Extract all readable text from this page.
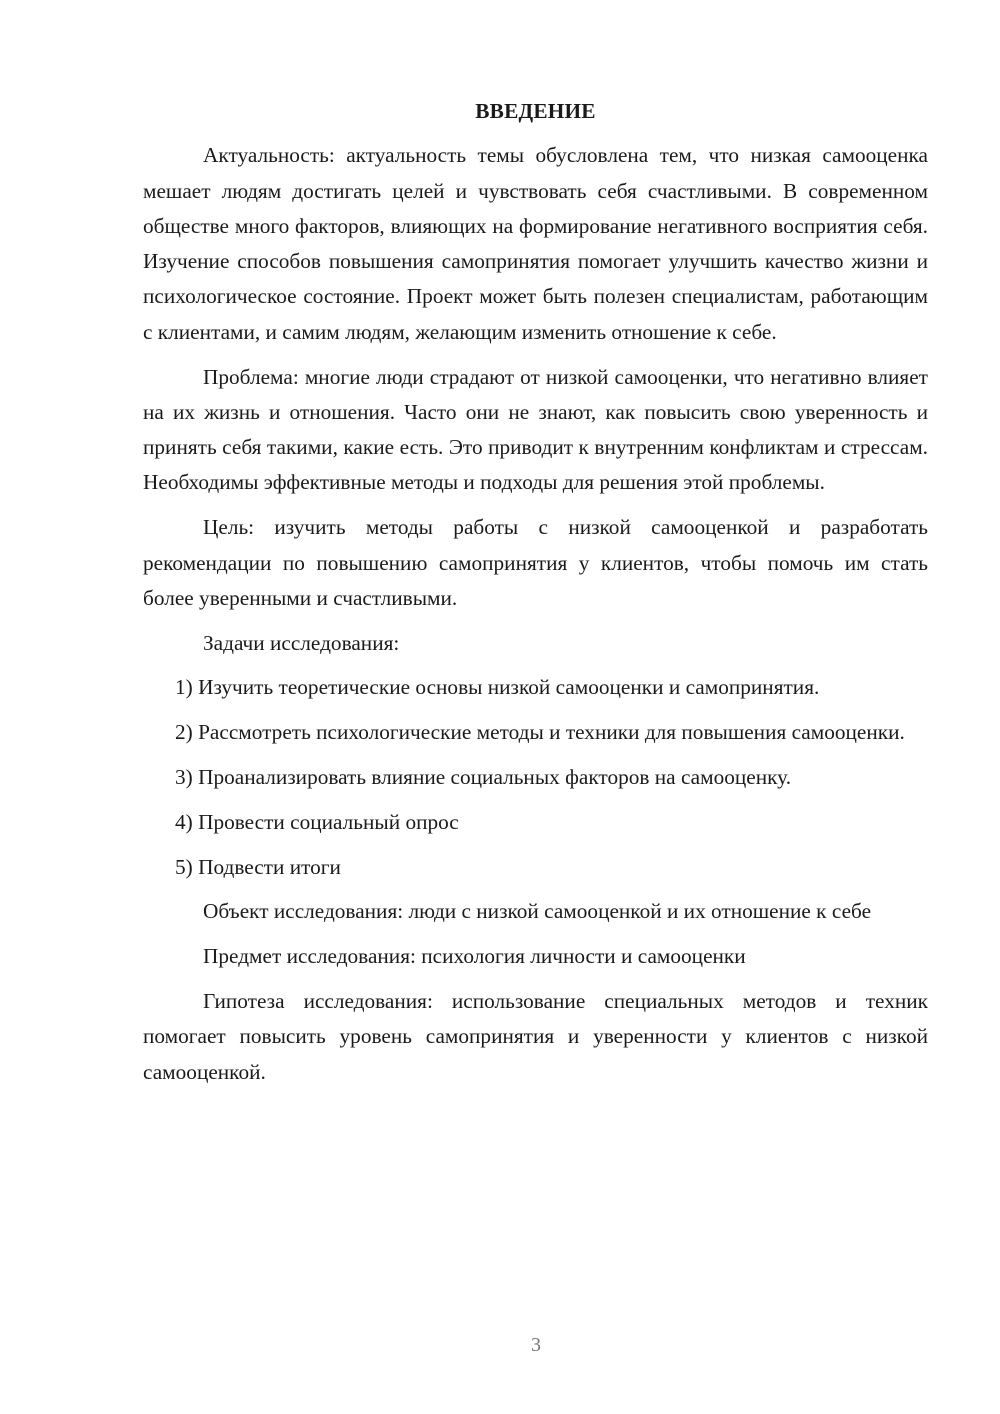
ВВЕДЕНИЕ

Актуальность: актуальность темы обусловлена тем, что низкая самооценка мешает людям достигать целей и чувствовать себя счастливыми. В современном обществе много факторов, влияющих на формирование негативного восприятия себя. Изучение способов повышения самопринятия помогает улучшить качество жизни и психологическое состояние. Проект может быть полезен специалистам, работающим с клиентами, и самим людям, желающим изменить отношение к себе.

Проблема: многие люди страдают от низкой самооценки, что негативно влияет на их жизнь и отношения. Часто они не знают, как повысить свою уверенность и принять себя такими, какие есть. Это приводит к внутренним конфликтам и стрессам. Необходимы эффективные методы и подходы для решения этой проблемы.

Цель: изучить методы работы с низкой самооценкой и разработать рекомендации по повышению самопринятия у клиентов, чтобы помочь им стать более уверенными и счастливыми.

Задачи исследования:

1) Изучить теоретические основы низкой самооценки и самопринятия.

2) Рассмотреть психологические методы и техники для повышения самооценки.

3) Проанализировать влияние социальных факторов на самооценку.

4) Провести социальный опрос

5) Подвести итоги

Объект исследования: люди с низкой самооценкой и их отношение к себе

Предмет исследования: психология личности и самооценки

Гипотеза исследования: использование специальных методов и техник помогает повысить уровень самопринятия и уверенности у клиентов с низкой самооценкой.

3
